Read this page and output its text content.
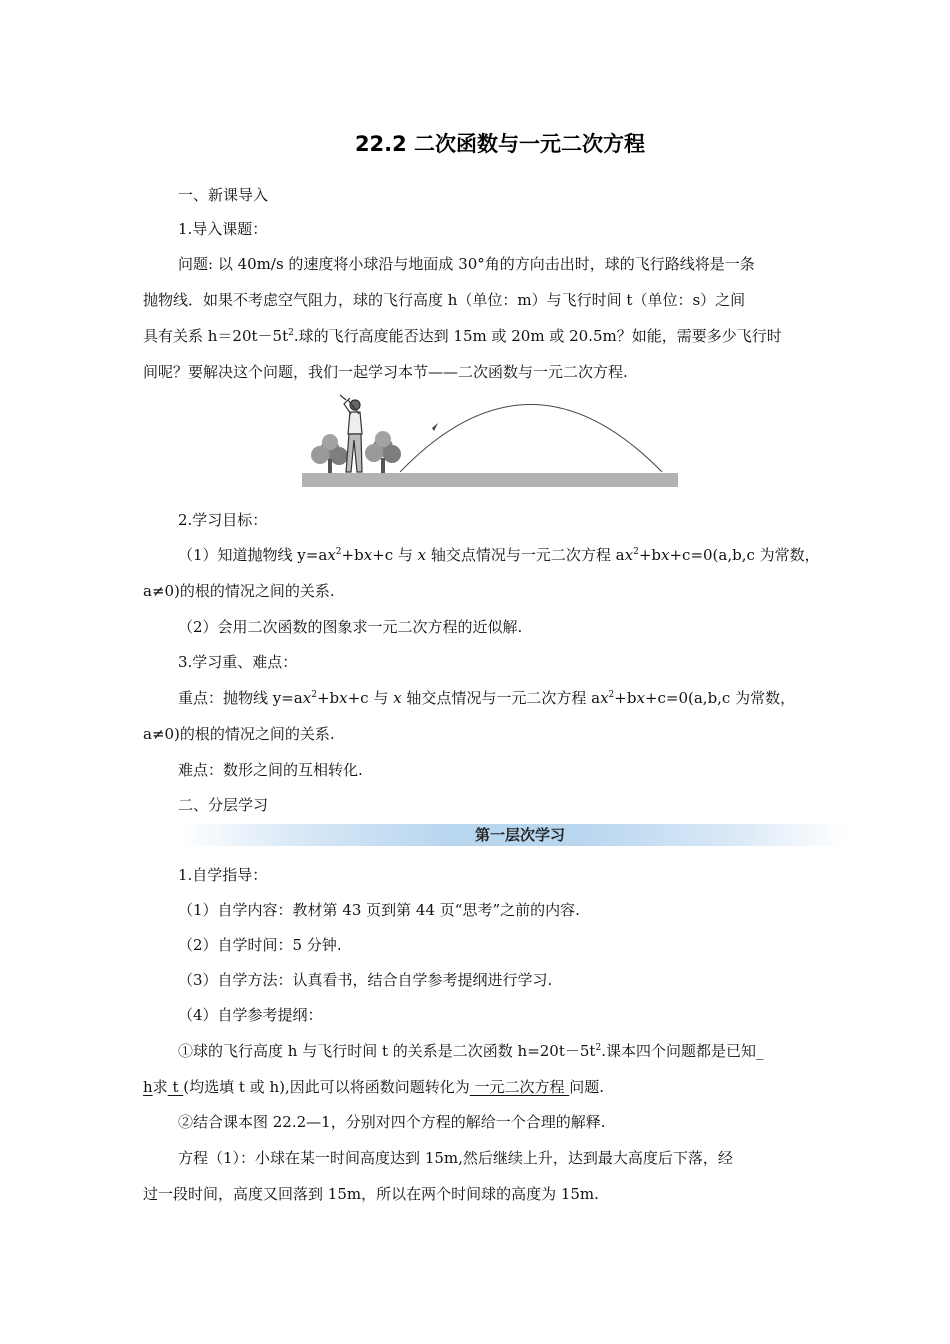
22.2 二次函数与一元二次方程
一、新课导入
1.导入课题：
问题: 以 40m/s 的速度将小球沿与地面成 30°角的方向击出时，球的飞行路线将是一条
抛物线．如果不考虑空气阻力，球的飞行高度 h（单位：m）与飞行时间 t（单位：s）之间
具有关系 $h=20t-5t^2$.球的飞行高度能否达到 15m 或 20m 或 20.5m？如能，需要多少飞行时
间呢？要解决这个问题，我们一起学习本节——二次函数与一元二次方程.
2.学习目标：
（1）知道抛物线 $y=ax^2+bx+c$ 与 x 轴交点情况与一元二次方程 $ax^2+bx+c=0(a,b,c$ 为常数，
a≠0)的根的情况之间的关系.
（2）会用二次函数的图象求一元二次方程的近似解.
3.学习重、难点：
重点：抛物线 $y=ax^2+bx+c$ 与 x 轴交点情况与一元二次方程 $ax^2+bx+c=0(a,b,c$ 为常数，
a≠0)的根的情况之间的关系.
难点：数形之间的互相转化.
二、分层学习
第一层次学习
1.自学指导：
（1）自学内容：教材第 43 页到第 44 页“思考”之前的内容.
（2）自学时间：5 分钟.
（3）自学方法：认真看书，结合自学参考提纲进行学习.
（4）自学参考提纲：
①球的飞行高度 h 与飞行时间 t 的关系是二次函数 $h=20t-5t^2$.课本四个问题都是已知_
h求 t (均选填 t 或 h),因此可以将函数问题转化为 一元二次方程 问题.
②结合课本图 22.2—1，分别对四个方程的解给一个合理的解释.
方程（1）：小球在某一时间高度达到 15m,然后继续上升，达到最大高度后下落，经
过一段时间，高度又回落到 15m，所以在两个时间球的高度为 15m.
